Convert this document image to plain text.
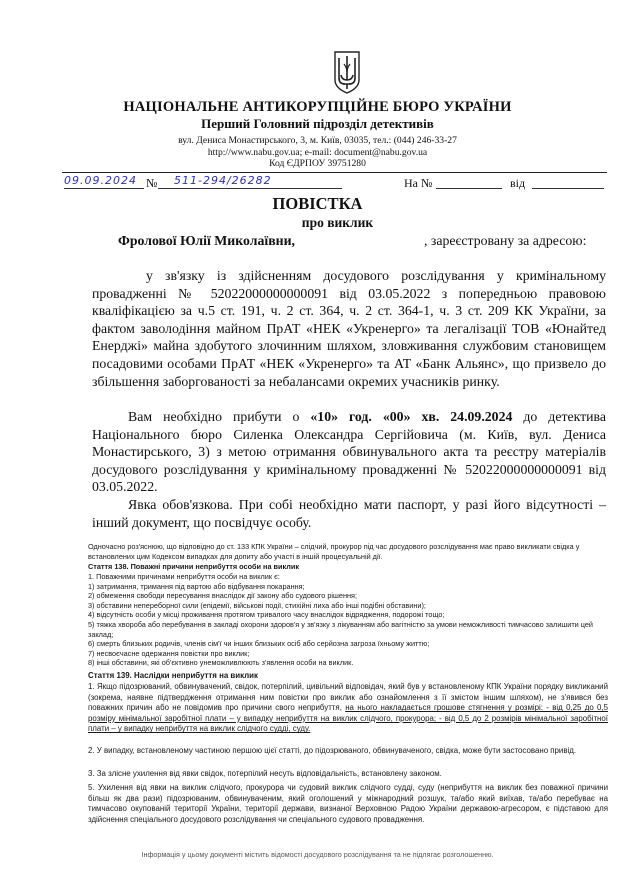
НАЦІОНАЛЬНЕ АНТИКОРУПЦІЙНЕ БЮРО УКРАЇНИ
Перший Головний підрозділ детективів
вул. Дениса Монастирського, 3, м. Київ, 03035, тел.: (044) 246-33-27
http://www.nabu.gov.ua; e-mail: document@nabu.gov.ua
Код ЄДРПОУ 39751280
09.09.2024 № 511-294/26282	На №	від
ПОВІСТКА
про виклик
Фролової Юлії Миколаївни,	, зареєстровану за адресою:
у зв'язку із здійсненням досудового розслідування у кримінальному провадженні № 52022000000000091 від 03.05.2022 з попередньою правовою кваліфікацією за ч.5 ст. 191, ч. 2 ст. 364, ч. 2 ст. 364-1, ч. 3 ст. 209 КК України, за фактом заволодіння майном ПрАТ «НЕК «Укренерго» та легалізації ТОВ «Юнайтед Енерджі» майна здобутого злочинним шляхом, зловживання службовим становищем посадовими особами ПрАТ «НЕК «Укренерго» та АТ «Банк Альянс», що призвело до збільшення заборгованості за небалансами окремих учасників ринку.
Вам необхідно прибути о «10» год. «00» хв. 24.09.2024 до детектива Національного бюро Силенка Олександра Сергійовича (м. Київ, вул. Дениса Монастирського, 3) з метою отримання обвинувального акта та реєстру матеріалів досудового розслідування у кримінальному провадженні № 52022000000000091 від 03.05.2022.
Явка обов'язкова. При собі необхідно мати паспорт, у разі його відсутності – інший документ, що посвідчує особу.
Одночасно роз'яснюю, що відповідно до ст. 133 КПК України – слідчий, прокурор під час досудового розслідування має право викликати свідка у встановлених цим Кодексом випадках для допиту або участі в іншій процесуальній дії.
Стаття 138. Поважні причини неприбуття особи на виклик
1. Поважними причинами неприбуття особи на виклик є:
1) затримання, тримання під вартою або відбування покарання;
2) обмеження свободи пересування внаслідок дії закону або судового рішення;
3) обставини непереборної сили (епідемії, військові події, стихійні лиха або інші подібні обставини);
4) відсутність особи у місці проживання протягом тривалого часу внаслідок відрядження, подорожі тощо;
5) тяжка хвороба або перебування в закладі охорони здоров'я у зв'язку з лікуванням або вагітністю за умови неможливості тимчасово залишити цей заклад;
6) смерть близьких родичів, членів сім'ї чи інших близьких осіб або серйозна загроза їхньому життю;
7) несвоєчасне одержання повістки про виклик;
8) інші обставини, які об'єктивно унеможливлюють з'явлення особи на виклик.
Стаття 139. Наслідки неприбуття на виклик
1. Якщо підозрюваний, обвинувачений, свідок, потерпілий, цивільний відповідач, який був у встановленому КПК України порядку викликаний (зокрема, наявне підтвердження отримання ним повістки про виклик або ознайомлення з її змістом іншим шляхом), не з'явився без поважних причин або не повідомив про причини свого неприбуття, на нього накладається грошове стягнення у розмірі: - від 0,25 до 0,5 розміру мінімальної заробітної плати – у випадку неприбуття на виклик слідчого, прокурора; - від 0,5 до 2 розмірів мінімальної заробітної плати – у випадку неприбуття на виклик слідчого судді, суду.
2. У випадку, встановленому частиною першою цієї статті, до підозрюваного, обвинуваченого, свідка, може бути застосовано привід.
3. За злісне ухилення від явки свідок, потерпілий несуть відповідальність, встановлену законом.
5. Ухилення від явки на виклик слідчого, прокурора чи судовий виклик слідчого судді, суду (неприбуття на виклик без поважної причини більш як два рази) підозрюваним, обвинуваченим, який оголошений у міжнародний розшук, та/або який виїхав, та/або перебуває на тимчасово окупованій території України, території держави, визнаної Верховною Радою України державою-агресором, є підставою для здійснення спеціального досудового розслідування чи спеціального судового провадження.
Інформація у цьому документі містить відомості досудового розслідування та не підлягає розголошенню.
